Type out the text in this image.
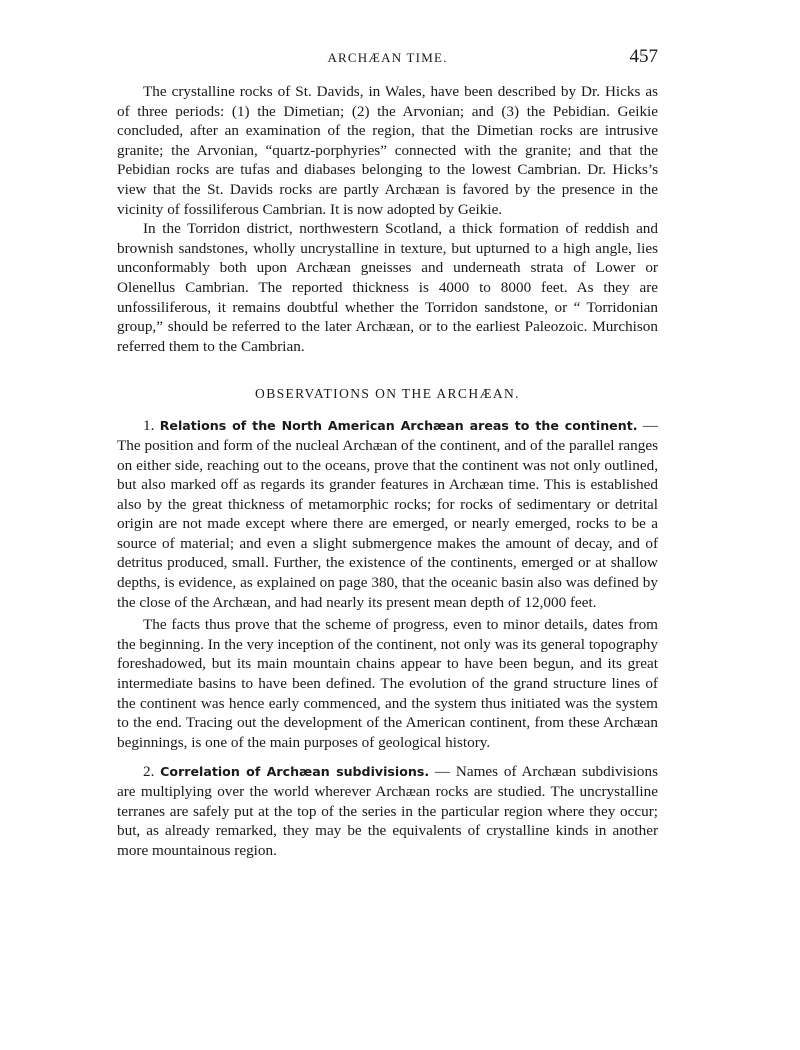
ARCHÆAN TIME.	457

The crystalline rocks of St. Davids, in Wales, have been described by Dr. Hicks as of three periods: (1) the Dimetian; (2) the Arvonian; and (3) the Pebidian. Geikie concluded, after an examination of the region, that the Dimetian rocks are intrusive granite; the Arvonian, “quartz-porphyries” connected with the granite; and that the Pebidian rocks are tufas and diabases belonging to the lowest Cambrian. Dr. Hicks’s view that the St. Davids rocks are partly Archæan is favored by the presence in the vicinity of fossiliferous Cambrian. It is now adopted by Geikie.

In the Torridon district, northwestern Scotland, a thick formation of reddish and brownish sandstones, wholly uncrystalline in texture, but upturned to a high angle, lies unconformably both upon Archæan gneisses and underneath strata of Lower or Olenellus Cambrian. The reported thickness is 4000 to 8000 feet. As they are unfossiliferous, it remains doubtful whether the Torridon sandstone, or “ Torridonian group,” should be referred to the later Archæan, or to the earliest Paleozoic. Murchison referred them to the Cambrian.

OBSERVATIONS ON THE ARCHÆAN.

1. Relations of the North American Archæan areas to the continent. — The position and form of the nucleal Archæan of the continent, and of the parallel ranges on either side, reaching out to the oceans, prove that the continent was not only outlined, but also marked off as regards its grander features in Archæan time. This is established also by the great thickness of metamorphic rocks; for rocks of sedimentary or detrital origin are not made except where there are emerged, or nearly emerged, rocks to be a source of material; and even a slight submergence makes the amount of decay, and of detritus produced, small. Further, the existence of the continents, emerged or at shallow depths, is evidence, as explained on page 380, that the oceanic basin also was defined by the close of the Archæan, and had nearly its present mean depth of 12,000 feet.

The facts thus prove that the scheme of progress, even to minor details, dates from the beginning. In the very inception of the continent, not only was its general topography foreshadowed, but its main mountain chains appear to have been begun, and its great intermediate basins to have been defined. The evolution of the grand structure lines of the continent was hence early commenced, and the system thus initiated was the system to the end. Tracing out the development of the American continent, from these Archæan beginnings, is one of the main purposes of geological history.

2. Correlation of Archæan subdivisions. — Names of Archæan subdivisions are multiplying over the world wherever Archæan rocks are studied. The uncrystalline terranes are safely put at the top of the series in the particular region where they occur; but, as already remarked, they may be the equivalents of crystalline kinds in another more mountainous region.
